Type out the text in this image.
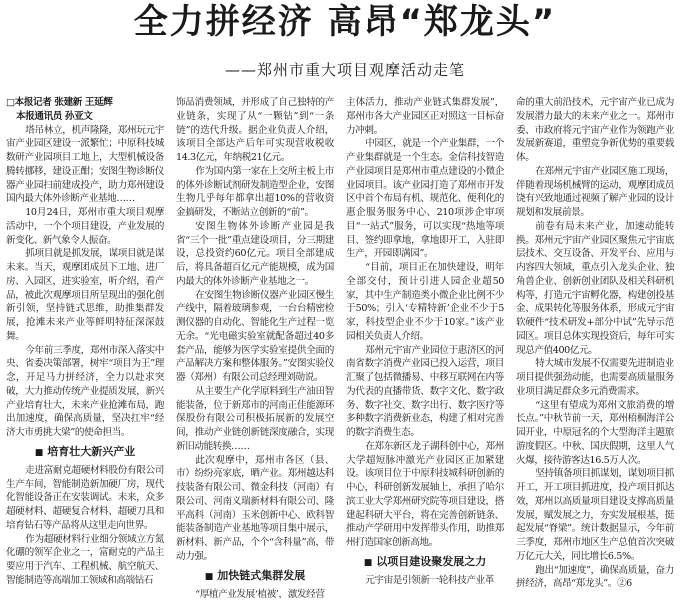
全力拼经济 高昂“郑龙头”
——郑州市重大项目观摩活动走笔

□本报记者 张建新 王延辉

本报通讯员 孙亚文

塔吊林立，机声隆隆，郑州玩元宇宙产业园区建设一派繁忙；中原科技城数研产业园项目工地上，大型机械设备腾转挪移，建设正酣；安图生物诊断仪器产业园扫前建成投产，助力郑州建设国内最大体外诊断产业基地……

10月24日，郑州市重大项目观摩活动中，一个个项目建设，产业发展的新变化、新气象令人振奋。

抓项目就是抓发展，谋项目就是谋未来。当天，观摩团成员下工地、进厂房、入园区，进实验室，听介绍，看产品，被此次观摩项目所呈现出的强化创新引领，坚持链式思维，助推集群发展，抢滩未来产业等鲜明特征深深鼓舞。

今年前三季度，郑州市深入落实中央、省委决策部署，树牢“项目为王”理念，开足马力拼经济，全力以赴求突破，大力推动传统产业提质发展，新兴产业培育壮大，未来产业抢滩布局，跑出加速度，确保高质量，坚决扛牢“经济大市勇挑大梁”的使命担当。

■ 培育壮大新兴产业

走进富耐克超硬材料股份有限公司生产车间，智能制造新加硬厂房，现代化智能设备正在安装调试。未来，众多超硬材料、超硬复合材料、超硬刀具和培育钻石等产品将从这里走向世界。

作为超硬材料行业细分领域立方氮化硼的领军企业之一，富耐克的产品主要应用于汽车、工程机械、航空航天、智能制造等高端加工领域和高端钻石

饰品消费领域，并形成了自己独特的产业链条，实现了从“一颗钻”到“一条链”的迭代升级。据企业负责人介绍，该项目全部达产后年可实现营收税收14.3亿元，年纳税21亿元。

作为国内第一家在上交所主板上市的体外诊断试剂研发制造型企业，安图生物几乎每年都拿出超10%的营收资金搞研发，不断站立创新的“前”。

安图生物体外诊断产业园是我省“三个一批”重点建设项目，分三期建设，总投资约60亿元。项目全部建成后，将具备超百亿元产能规模，成为国内最大的体外诊断产业基地之一。

在安图生物诊断仪器产业园区慢生产线中，隔着玻璃参观，一台台精密检测仪器的自动化、智能化生产过程一览无余。“光电磁实验室就配备超过40多套产品，能够为医学实验室提供全面的产品解决方案和整体服务。”安图实验仪器（郑州）有限公司总经理刘勋说。

从主要生产化学原料到生产油田智能装备，位于新郑市的河南正佳能源环保股份有限公司积极拓展新的发展空间，推动产业链创新链深度融合，实现新旧动能转换……

此次观摩中，郑州市各区（县、市）纷纷亮家底，晒产业。郑州越达科技装备有限公司、微金科技（河南）有限公司、河南义瑞新材料有限公司、隆平高科（河南）玉米创新中心、欧科智能装备制造产业基地等项目集中展示，新材料、新产品，个个“含科量”高，带动力强。

■ 加快链式集群发展

“厚植产业发展‘植被’，激发经营

主体活力，推动产业链式集群发展”，郑州市各大产业园区正对照这一目标奋力冲刺。

中园区，就是一个产业集群，一个产业集群就是一个生态。金信科技智造产业园项目是郑州市重点建设的小微企业园项目。该产业园打造了郑州市开发区中首个布局有机、规范化、便利化的惠企服务服务中心、210项涉企审项目“一站式”服务，可以实现“热地等项目、签约即拿地，拿地即开工，入驻即生产，开园即满园”。

“目前，项目正在加快建设，明年全部交付，预计引进人园企业超50家，其中生产制造类小微企业比例不少于50%；引入‘专精特新’企业不少于5家，科技型企业不少于10家。”该产业园相关负责人介绍。

郑州元宇宙产业园位于惠济区的河南省数字消费产业园已投入运营，项目汇聚了包括微播易、中移互联网在内等为代表的直播带货、数字文化、数字政务、数字社交、数字出行、数字医疗等多种数字消费新业态，构建了相对完善的数字消费生态。

在郑东新区龙子湖科创中心，郑州大学超短脉冲激光产业园区正加紧建设。该项目位于中原科技城科研创新的中心，科研创新发展轴上，承担了哈尔滨工业大学郑州研究院等项目建设，搭建起科研大平台，将在完善创新链条、推动产学研用中发挥带头作用，助推郑州打造国家创新高地。

■ 以项目建设聚发展之力

元宇宙是引领新一轮科技产业革

命的重大前沿技术，元宇宙产业已成为发展潜力最大的未来产业之一。郑州市委、市政府将元宇宙产业作为领跑产业发展新赛道，重塑竞争新优势的重要载体。

在郑州元宇宙产业园区施工现场，伴随着现场机械臂的运动，观摩团成员饶有兴致地通过视频了解产业园的设计规划和发展前景。

前卷有局未来产业，加速动能转换。郑州元宇宙产业园区聚焦元宇宙底层技术、交互设备、开发平台、应用与内容四大领域，重点引入龙头企业、独角兽企业、创新创业团队及相关科研机构等，打造元宇宙孵化器，构建创投基金、成果转化等服务体系，形成元宇宙软硬件“技术研发+部分中试”先导示范园区。项目总体实现投资后，每年可实现总产值400亿元。

特大城市发展不仅需要先进制造业项目提供强劲动能，也需要高质量服务业项目满足群众多元消费需求。

“这里有望成为郑州文旅消费的增长点。”中秋节前一天，郑州梧桐海洋公园开业，中原冠名的个大型海洋主题旅游度假区。中秋、国庆假期，这里人气火爆，接待游客达16.5万人次。

坚持镇备项目抓谋划，谋划项目抓开工，开工项目抓进度，投产项目抓达效，郑州以高质量项目建设支撑高质量发展，赋发展之力，夯实发展根基，挺起发展“脊梁”。统计数据显示，今年前三季度，郑州市地区生产总值首次突破万亿元大关，同比增长6.5%。

跑出“加速度”，确保高质量，奋力拼经济，高昂“郑龙头”。②6
